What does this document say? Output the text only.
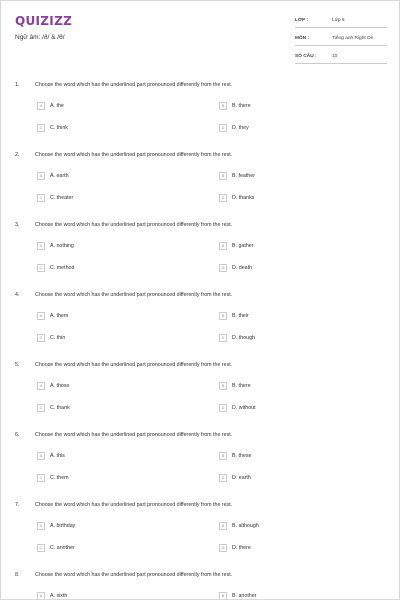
QUIZIZZ
Ngữ âm: /ð/ & /θ/
LỚP :	Lớp 6
MÔN :	Tiếng anh Right On
SỐ CÂU :	10
1.	Choose the word which has the underlined part pronounced differently from the rest.
A	A. the	B	B. there
C	C. think	D	D. they
2.	Choose the word which has the underlined part pronounced differently from the rest.
A	A. earth	B	B. feather
C	C. theater	D	D. thanks
3.	Choose the word which has the underlined part pronounced differently from the rest.
A	A. nothing	B	B. gather
C	C. method	D	D. death
4.	Choose the word which has the underlined part pronounced differently from the rest.
A	A. them	B	B. their
C	C. thin	D	D. though
5.	Choose the word which has the underlined part pronounced differently from the rest.
A	A. those	B	B. there
C	C. thank	D	D. without
6.	Choose the word which has the underlined part pronounced differently from the rest.
A	A. this	B	B. these
C	C. them	D	D. earth
7.	Choose the word which has the underlined part pronounced differently from the rest.
A	A. birthday	B	B. although
C	C. another	D	D. there
8.	Choose the word which has the underlined part pronounced differently from the rest.
A	A. sixth	B	B. another
